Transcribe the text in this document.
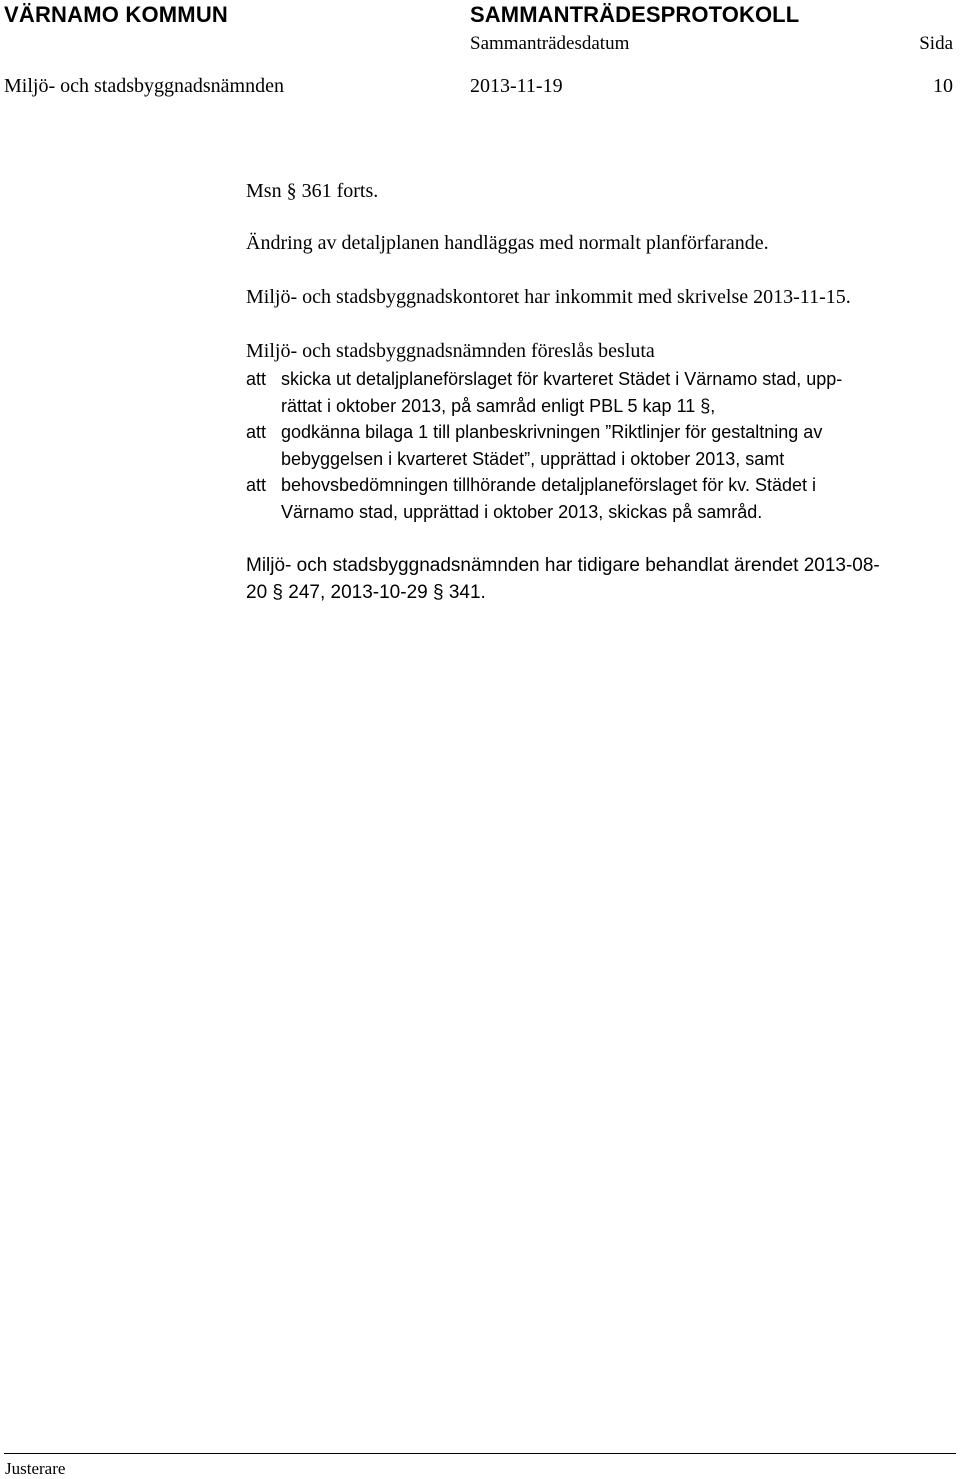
VÄRNAMO KOMMUN	SAMMANTRÄDESPROTOKOLL
Sammanträdesdatum	Sida
Miljö- och stadsbyggnadsnämnden	2013-11-19	10
Msn § 361 forts.
Ändring av detaljplanen handläggas med normalt planförfarande.
Miljö- och stadsbyggnadskontoret har inkommit med skrivelse 2013-11-15.
Miljö- och stadsbyggnadsnämnden föreslås besluta
att skicka ut detaljplaneförslaget för kvarteret Städet i Värnamo stad, upp-
rättat i oktober 2013, på samråd enligt PBL 5 kap 11 §,
att godkänna bilaga 1 till planbeskrivningen ”Riktlinjer för gestaltning av
bebyggelsen i kvarteret Städet”, upprättad i oktober 2013, samt
att behovsbedömningen tillhörande detaljplaneförslaget för kv. Städet i
Värnamo stad, upprättad i oktober 2013, skickas på samråd.
Miljö- och stadsbyggnadsnämnden har tidigare behandlat ärendet 2013-08-
20 § 247, 2013-10-29 § 341.
Justerare
